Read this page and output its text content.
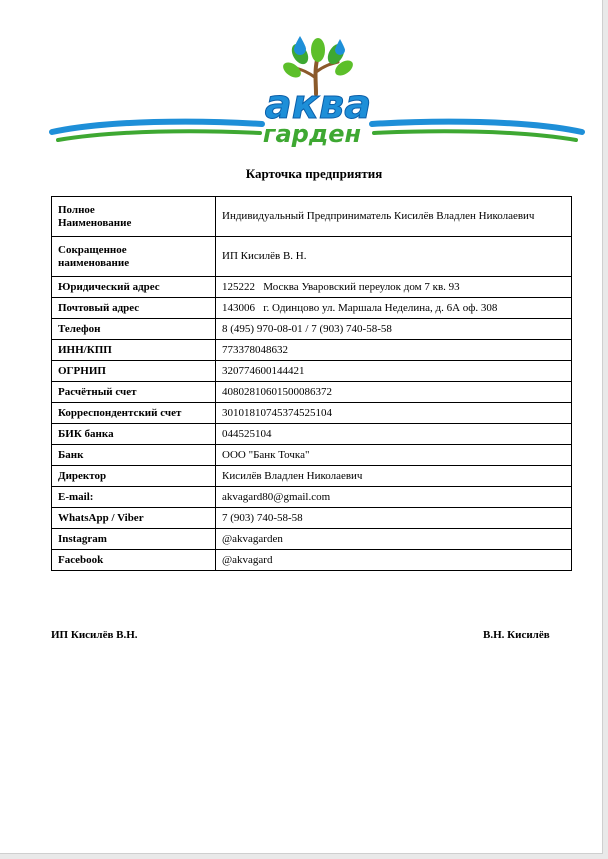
аква
гарден
Карточка предприятия
Полное
Наименование	Индивидуальный Предприниматель Кисилёв Владлен Николаевич
Сокращенное
наименование	ИП Кисилёв В. Н.
Юридический адрес	125222   Москва Уваровский переулок дом 7 кв. 93
Почтовый адрес	143006   г. Одинцово ул. Маршала Неделина, д. 6А оф. 308
Телефон	8 (495) 970-08-01 / 7 (903) 740-58-58
ИНН/КПП	773378048632
ОГРНИП	320774600144421
Расчётный счет	40802810601500086372
Корреспондентский счет	30101810745374525104
БИК банка	044525104
Банк	ООО "Банк Точка"
Директор	Кисилёв Владлен Николаевич
E-mail:	akvagard80@gmail.com
WhatsApp / Viber	7 (903) 740-58-58
Instagram	@akvagarden
Facebook	@akvagard
ИП Кисилёв В.Н.	В.Н. Кисилёв
